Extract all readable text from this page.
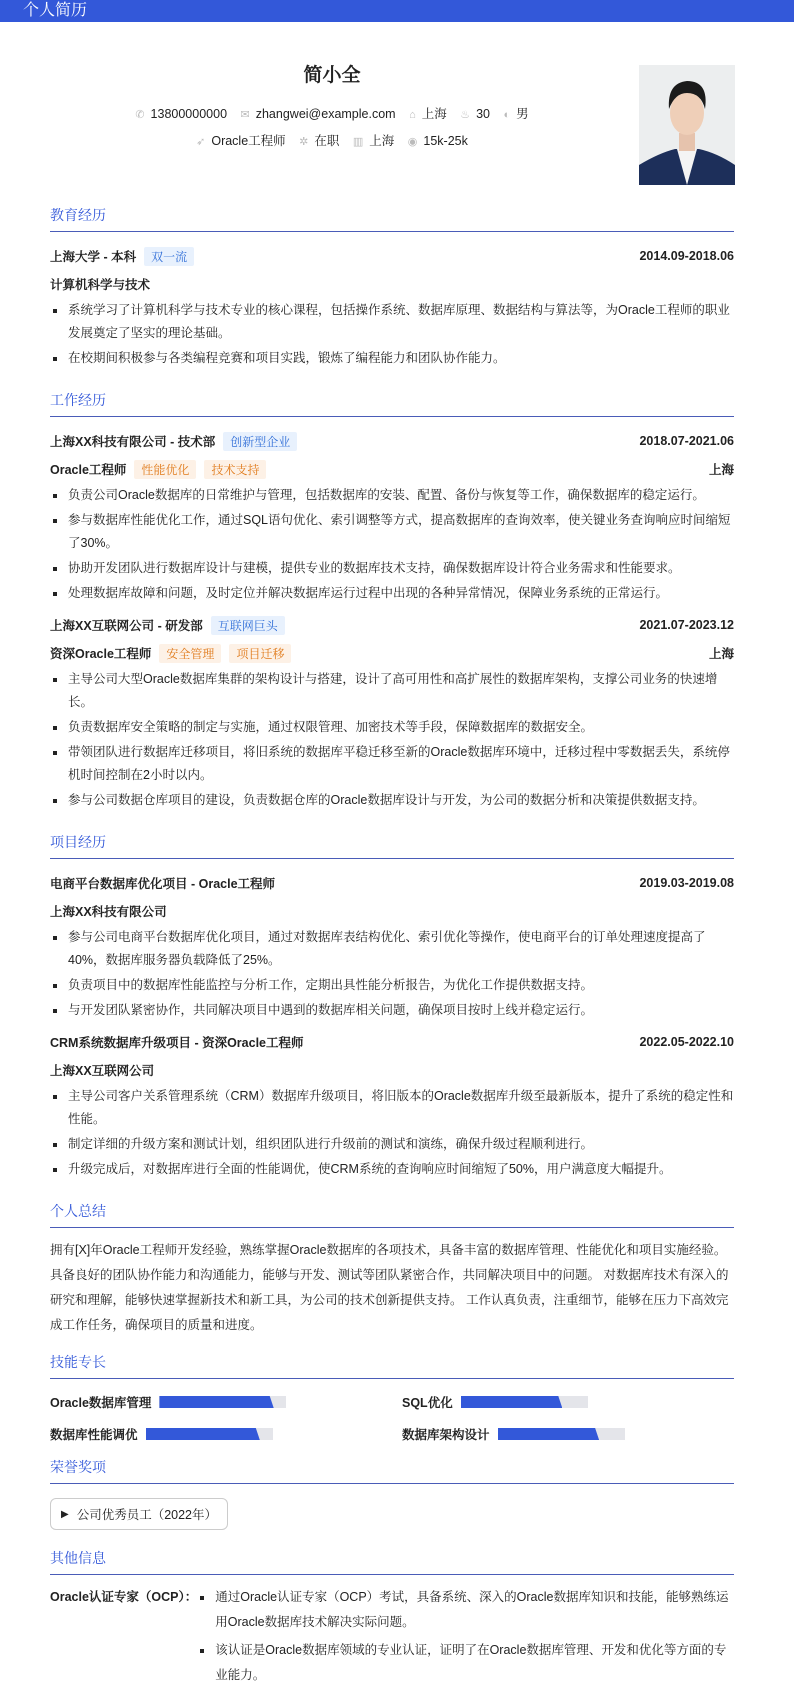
个人简历
简小全
✆ 13800000000 ✉ zhangwei@example.com ⌂ 上海 ♨ 30 ◐ 男
➶ Oracle工程师 ✲ 在职 ▥ 上海 ◉ 15k-25k
教育经历
上海大学 - 本科 双一流	2014.09-2018.06
计算机科学与技术
系统学习了计算机科学与技术专业的核心课程，包括操作系统、数据库原理、数据结构与算法等，为Oracle工程师的职业发展奠定了坚实的理论基础。
在校期间积极参与各类编程竞赛和项目实践，锻炼了编程能力和团队协作能力。
工作经历
上海XX科技有限公司 - 技术部 创新型企业	2018.07-2021.06
Oracle工程师 性能优化 技术支持	上海
负责公司Oracle数据库的日常维护与管理，包括数据库的安装、配置、备份与恢复等工作，确保数据库的稳定运行。
参与数据库性能优化工作，通过SQL语句优化、索引调整等方式，提高数据库的查询效率，使关键业务查询响应时间缩短了30%。
协助开发团队进行数据库设计与建模，提供专业的数据库技术支持，确保数据库设计符合业务需求和性能要求。
处理数据库故障和问题，及时定位并解决数据库运行过程中出现的各种异常情况，保障业务系统的正常运行。
上海XX互联网公司 - 研发部 互联网巨头	2021.07-2023.12
资深Oracle工程师 安全管理 项目迁移	上海
主导公司大型Oracle数据库集群的架构设计与搭建，设计了高可用性和高扩展性的数据库架构，支撑公司业务的快速增长。
负责数据库安全策略的制定与实施，通过权限管理、加密技术等手段，保障数据库的数据安全。
带领团队进行数据库迁移项目，将旧系统的数据库平稳迁移至新的Oracle数据库环境中，迁移过程中零数据丢失，系统停机时间控制在2小时以内。
参与公司数据仓库项目的建设，负责数据仓库的Oracle数据库设计与开发，为公司的数据分析和决策提供数据支持。
项目经历
电商平台数据库优化项目 - Oracle工程师	2019.03-2019.08
上海XX科技有限公司
参与公司电商平台数据库优化项目，通过对数据库表结构优化、索引优化等操作，使电商平台的订单处理速度提高了40%，数据库服务器负载降低了25%。
负责项目中的数据库性能监控与分析工作，定期出具性能分析报告，为优化工作提供数据支持。
与开发团队紧密协作，共同解决项目中遇到的数据库相关问题，确保项目按时上线并稳定运行。
CRM系统数据库升级项目 - 资深Oracle工程师	2022.05-2022.10
上海XX互联网公司
主导公司客户关系管理系统（CRM）数据库升级项目，将旧版本的Oracle数据库升级至最新版本，提升了系统的稳定性和性能。
制定详细的升级方案和测试计划，组织团队进行升级前的测试和演练，确保升级过程顺利进行。
升级完成后，对数据库进行全面的性能调优，使CRM系统的查询响应时间缩短了50%，用户满意度大幅提升。
个人总结

拥有[X]年Oracle工程师开发经验，熟练掌握Oracle数据库的各项技术，具备丰富的数据库管理、性能优化和项目实施经验。 具备良好的团队协作能力和沟通能力，能够与开发、测试等团队紧密合作，共同解决项目中的问题。 对数据库技术有深入的研究和理解，能够快速掌握新技术和新工具，为公司的技术创新提供支持。 工作认真负责，注重细节，能够在压力下高效完成工作任务，确保项目的质量和进度。

技能专长
Oracle数据库管理	SQL优化
数据库性能调优	数据库架构设计
荣誉奖项
▶ 公司优秀员工（2022年）
其他信息
Oracle认证专家（OCP）：	通过Oracle认证专家（OCP）考试，具备系统、深入的Oracle数据库知识和技能，能够熟练运用Oracle数据库技术解决实际问题。
该认证是Oracle数据库领域的专业认证，证明了在Oracle数据库管理、开发和优化等方面的专业能力。
